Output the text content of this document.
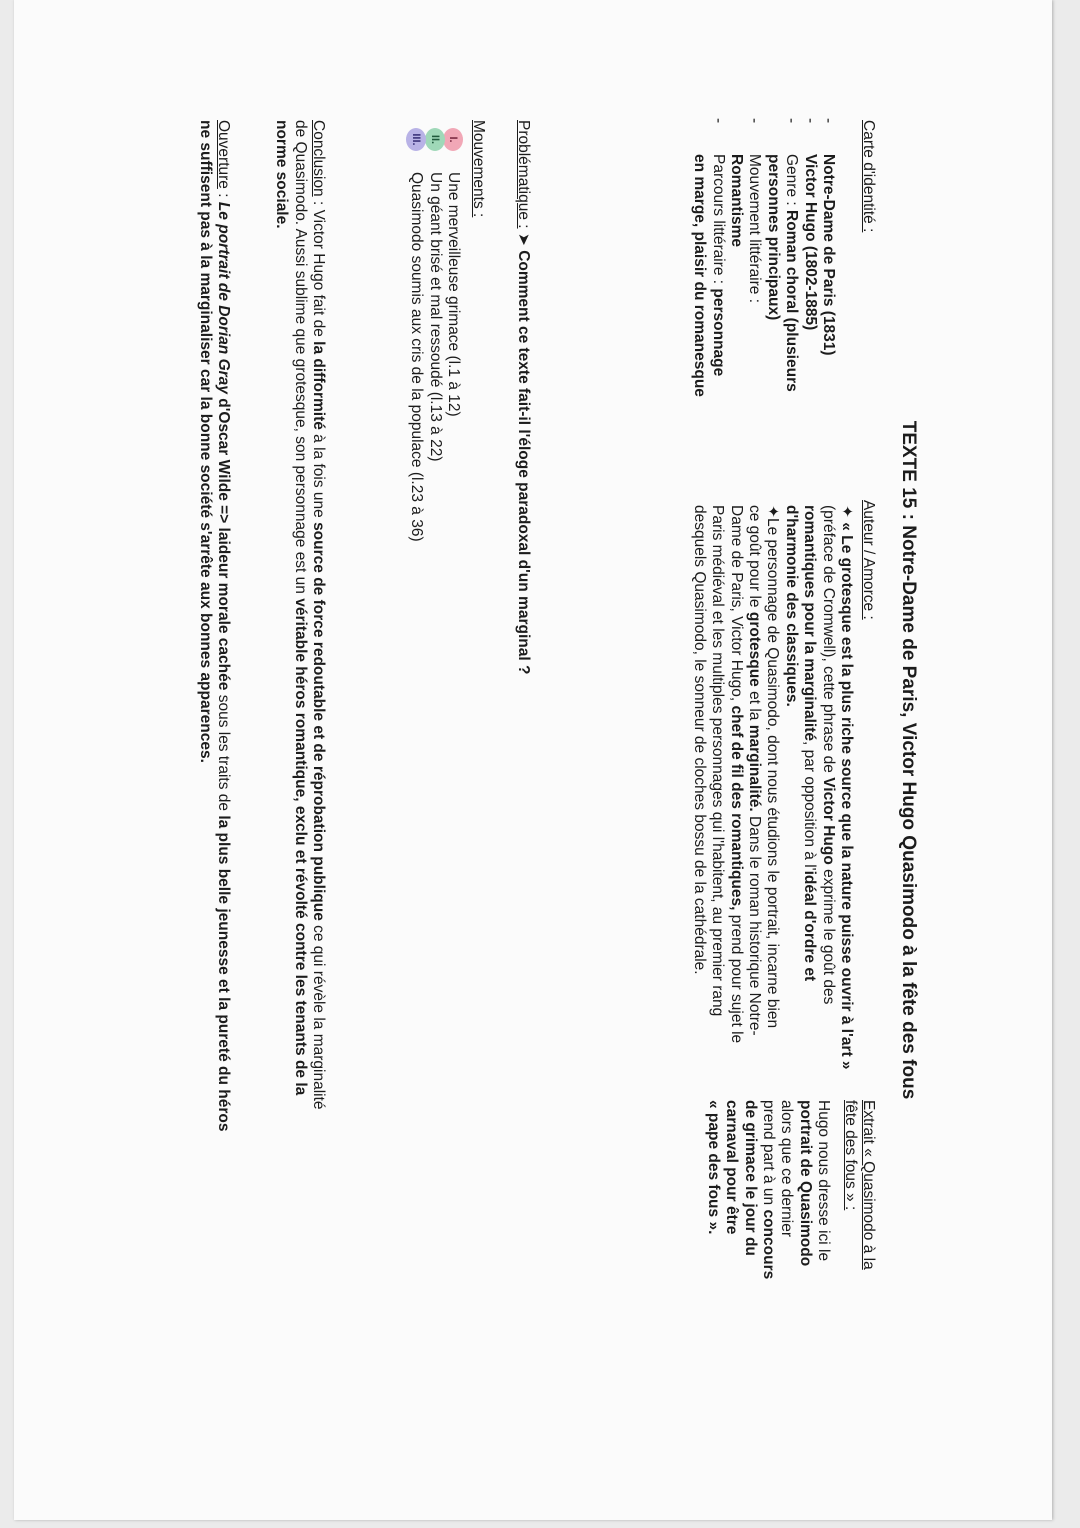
TEXTE 15 : Notre-Dame de Paris, Victor Hugo Quasimodo à la fête des fous
Carte d'identité :
- Notre-Dame de Paris (1831)
- Victor Hugo (1802-1885)
- Genre : Roman choral (plusieurs
personnes principaux)
- Mouvement littéraire :
Romantisme
- Parcours littéraire : personnage
en marge, plaisir du romanesque
Auteur / Amorce :

✦ « Le grotesque est la plus riche source que la nature puisse ouvrir à l'art »
(préface de Cromwell), cette phrase de Victor Hugo exprime le goût des
romantiques pour la marginalité, par opposition à l'idéal d'ordre et
d'harmonie des classiques.

✦Le personnage de Quasimodo, dont nous étudions le portrait, incarne bien
ce goût pour le grotesque et la marginalité. Dans le roman historique Notre-
Dame de Paris, Victor Hugo, chef de fil des romantiques, prend pour sujet le
Paris médiéval et les multiples personnages qui l'habitent, au premier rang
desquels Quasimodo, le sonneur de cloches bossu de la cathédrale.

Extrait « Quasimodo à la
fête des fous » :

Hugo nous dresse ici le
portrait de Quasimodo
alors que ce dernier
prend part à un concours
de grimace le jour du
carnaval pour être
« pape des fous ».

Problématique : ➤ Comment ce texte fait-il l'éloge paradoxal d'un marginal ?
Mouvements :
I.
Une merveilleuse grimace (l.1 à 12)
II.
Un géant brisé et mal ressoudé (l.13 à 22)
III.
Quasimodo soumis aux cris de la populace (l.23 à 36)
Conclusion : Victor Hugo fait de la difformité à la fois une source de force redoutable et de réprobation publique ce qui révèle la marginalité
de Quasimodo. Aussi sublime que grotesque, son personnage est un véritable héros romantique, exclu et révolté contre les tenants de la
norme sociale.
Ouverture : Le portrait de Dorian Gray d'Oscar Wilde => laideur morale cachée sous les traits de la plus belle jeunesse et la pureté du héros
ne suffisent pas à la marginaliser car la bonne société s'arrête aux bonnes apparences.
